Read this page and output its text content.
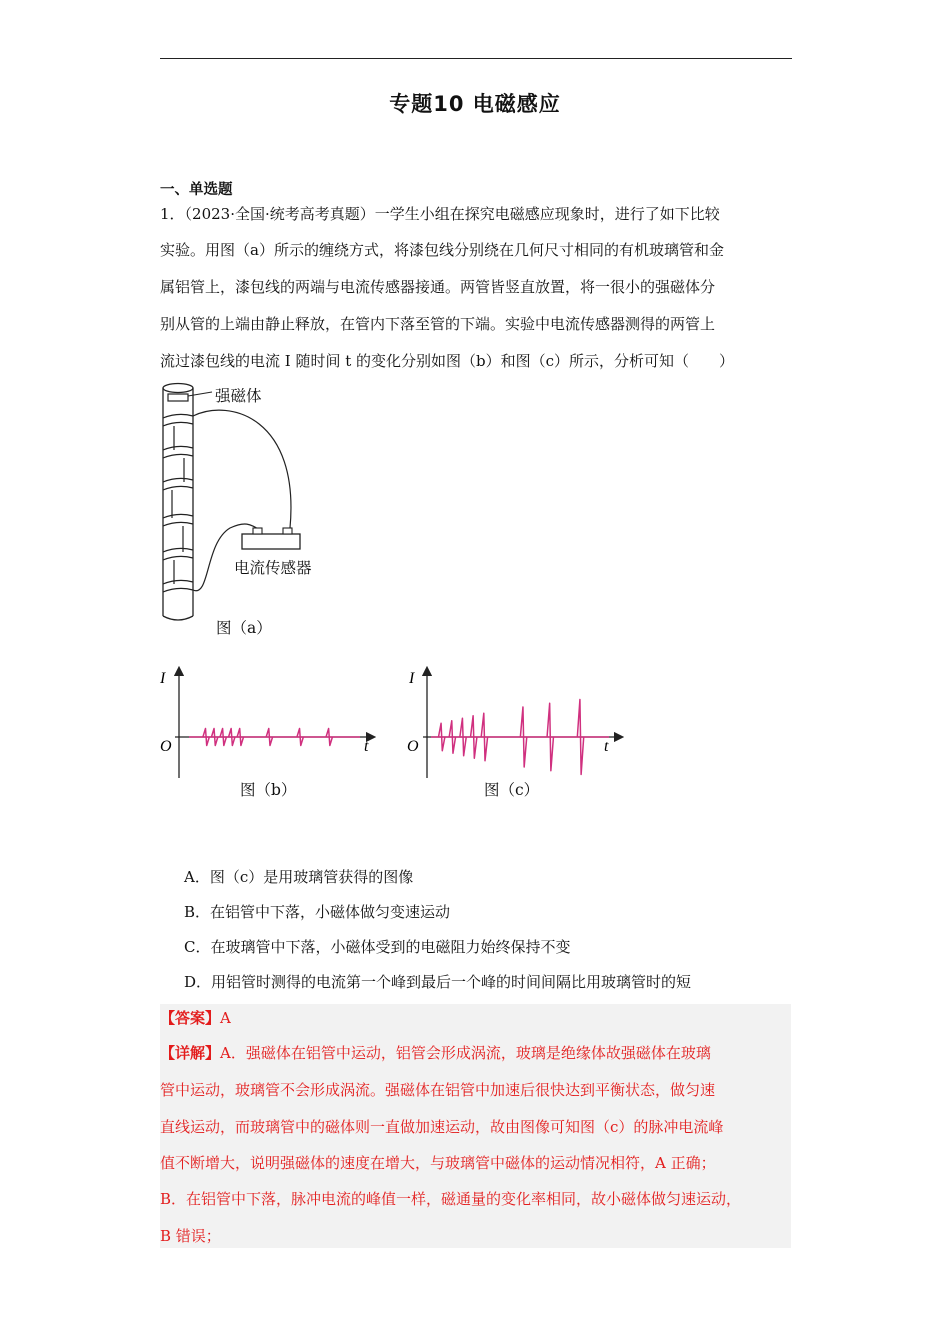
专题10 电磁感应
一、单选题
1．（2023·全国·统考高考真题）一学生小组在探究电磁感应现象时，进行了如下比较
实验。用图（a）所示的缠绕方式，将漆包线分别绕在几何尺寸相同的有机玻璃管和金
属铝管上，漆包线的两端与电流传感器接通。两管皆竖直放置，将一很小的强磁体分
别从管的上端由静止释放，在管内下落至管的下端。实验中电流传感器测得的两管上
流过漆包线的电流 I 随时间 t 的变化分别如图（b）和图（c）所示，分析可知（　　）
强磁体
电流传感器
图（a）
I
t
O
图（b）
I
t
O
图（c）
A．图（c）是用玻璃管获得的图像
B．在铝管中下落，小磁体做匀变速运动
C．在玻璃管中下落，小磁体受到的电磁阻力始终保持不变
D．用铝管时测得的电流第一个峰到最后一个峰的时间间隔比用玻璃管时的短
【答案】A
【详解】A．强磁体在铝管中运动，铝管会形成涡流，玻璃是绝缘体故强磁体在玻璃
管中运动，玻璃管不会形成涡流。强磁体在铝管中加速后很快达到平衡状态，做匀速
直线运动，而玻璃管中的磁体则一直做加速运动，故由图像可知图（c）的脉冲电流峰
值不断增大，说明强磁体的速度在增大，与玻璃管中磁体的运动情况相符，A 正确；
B．在铝管中下落，脉冲电流的峰值一样，磁通量的变化率相同，故小磁体做匀速运动，
B 错误；
